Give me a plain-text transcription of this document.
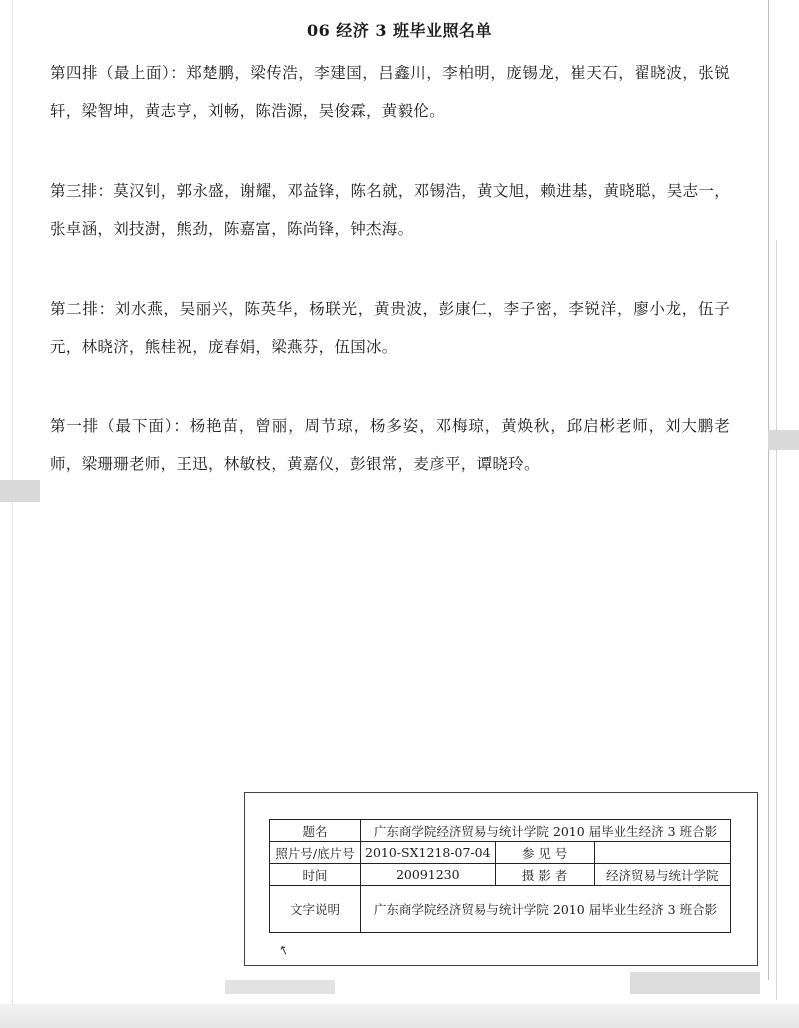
06 经济 3 班毕业照名单
第四排（最上面）：郑楚鹏，梁传浩，李建国，吕鑫川，李柏明，庞锡龙，崔天石，翟晓波，张锐轩，梁智坤，黄志亨，刘畅，陈浩源，吴俊霖，黄毅伦。
第三排：莫汉钊，郭永盛，谢耀，邓益锋，陈名就，邓锡浩，黄文旭，赖进基，黄晓聪，吴志一，张卓涵，刘技澍，熊劲，陈嘉富，陈尚锋，钟杰海。
第二排：刘水燕，吴丽兴，陈英华，杨联光，黄贵波，彭康仁，李子密，李锐洋，廖小龙，伍子元，林晓济，熊桂祝，庞春娟，梁燕芬，伍国冰。
第一排（最下面）：杨艳苗，曾丽，周节琼，杨多姿，邓梅琼，黄焕秋，邱启彬老师，刘大鹏老师，梁珊珊老师，王迅，林敏枝，黄嘉仪，彭银常，麦彦平，谭晓玲。
题名	广东商学院经济贸易与统计学院 2010 届毕业生经济 3 班合影		
照片号/底片号	2010-SX1218-07-04	参 见 号	
时间	20091230	摄 影 者	经济贸易与统计学院
文字说明	广东商学院经济贸易与统计学院 2010 届毕业生经济 3 班合影		
↖
